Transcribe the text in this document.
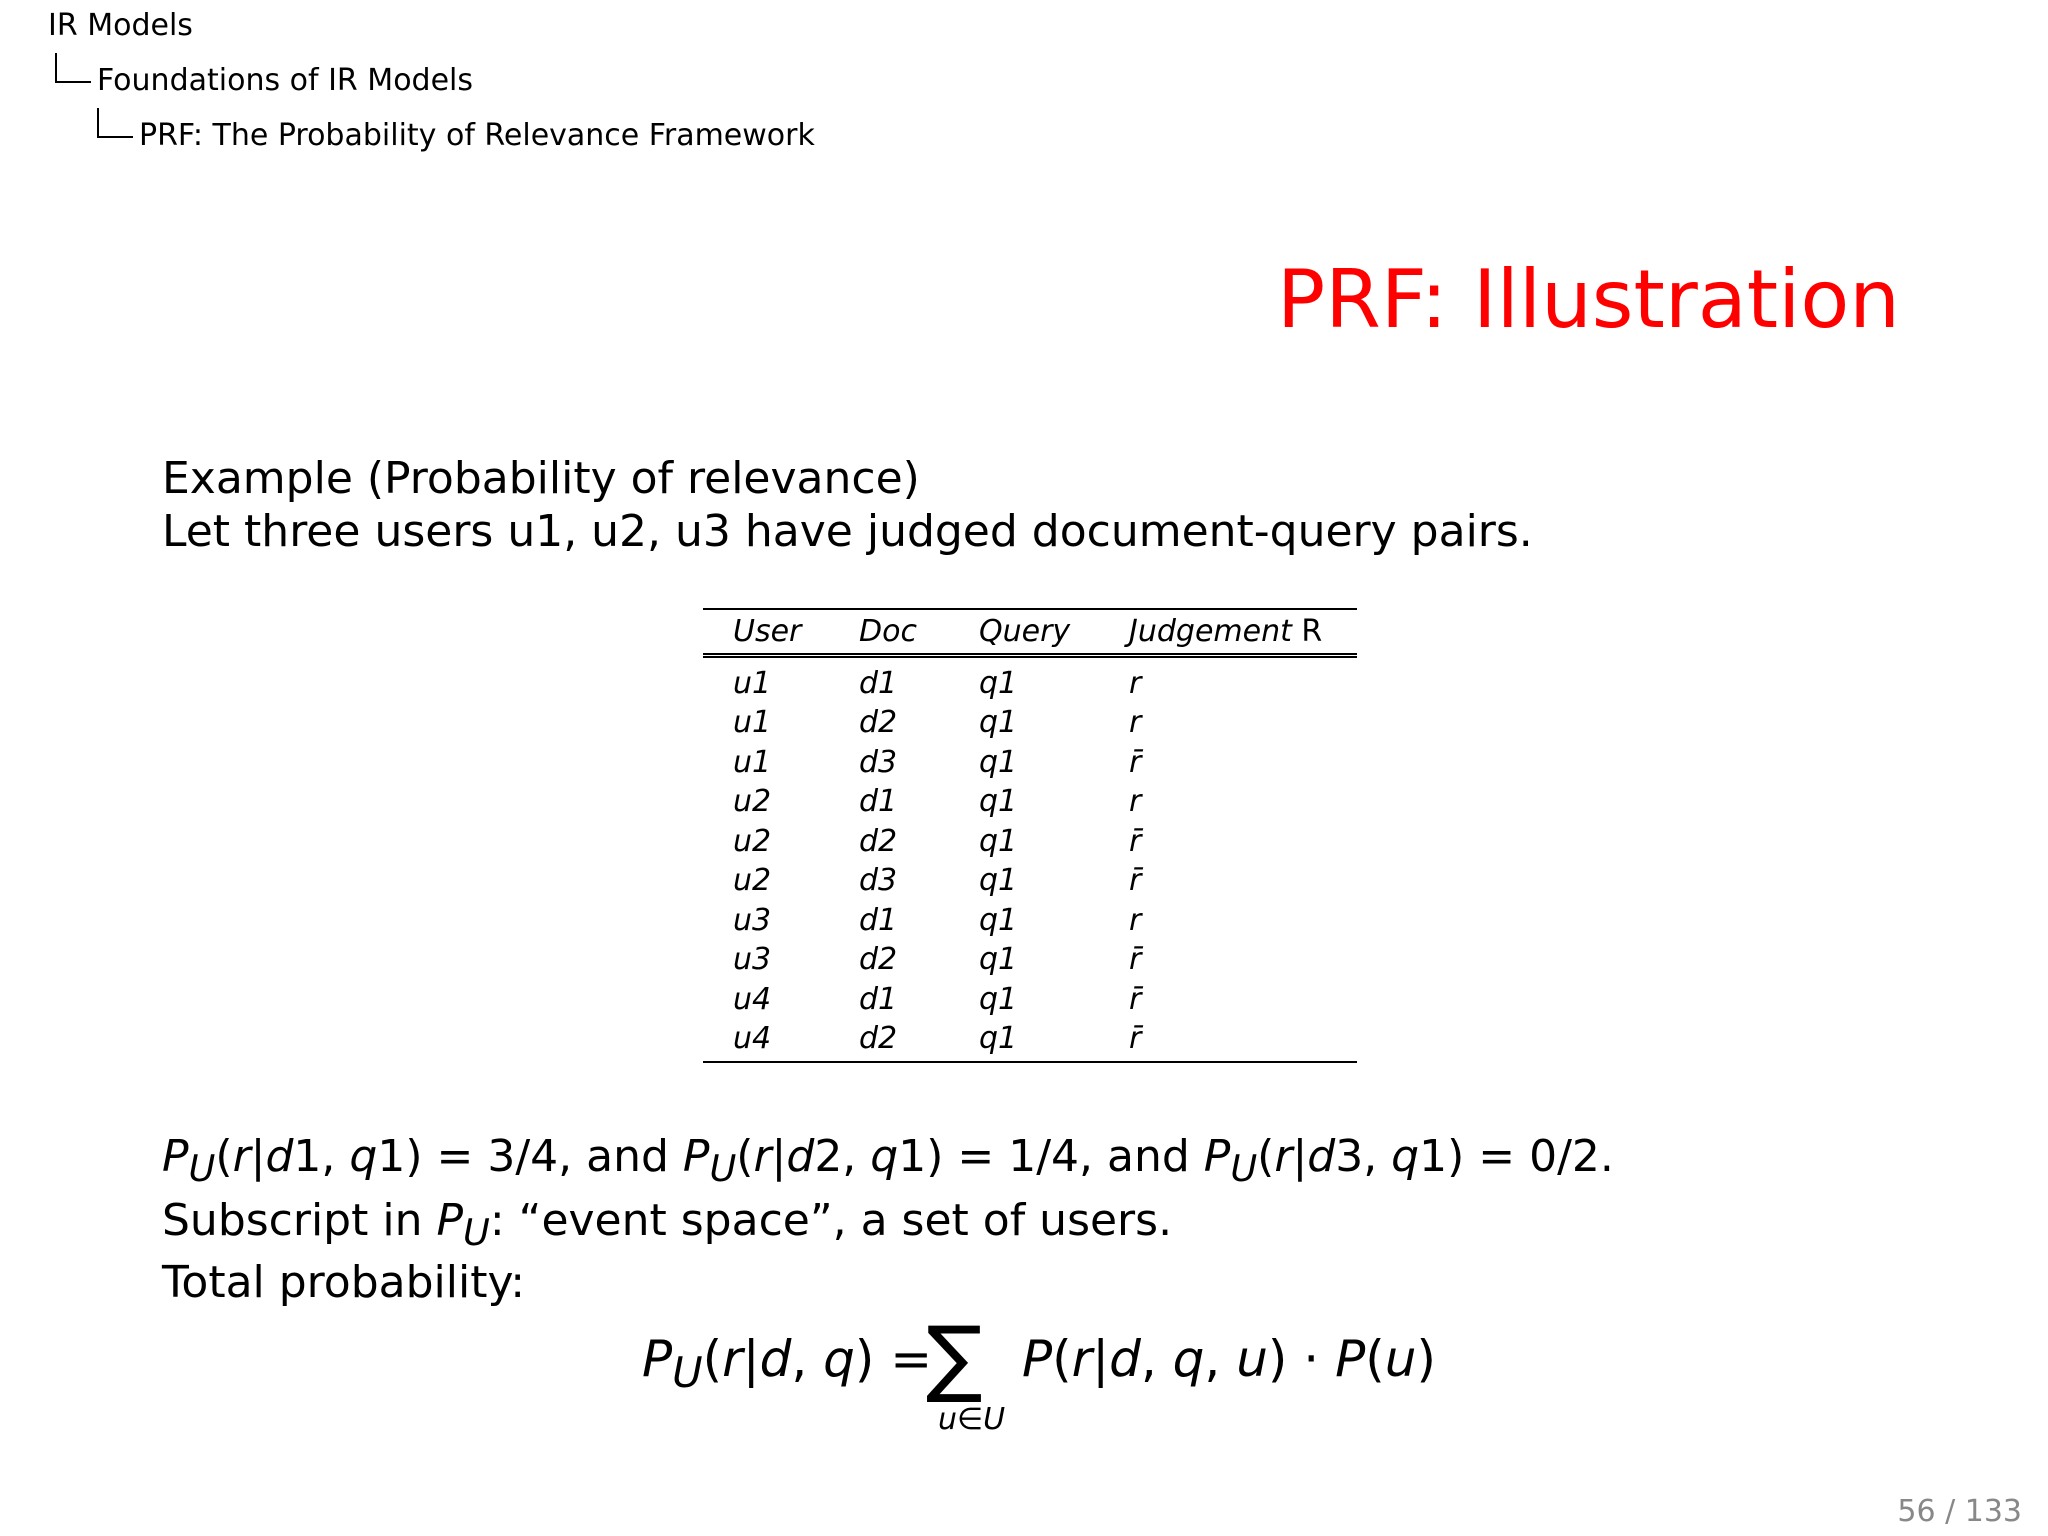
IR Models
Foundations of IR Models
PRF: The Probability of Relevance Framework
PRF: Illustration
Example (Probability of relevance)
Let three users u1, u2, u3 have judged document-query pairs.
User	Doc	Query	Judgement R
u1	d1	q1	r
u1	d2	q1	r
u1	d3	q1	r̄
u2	d1	q1	r
u2	d2	q1	r̄
u2	d3	q1	r̄
u3	d1	q1	r
u3	d2	q1	r̄
u4	d1	q1	r̄
u4	d2	q1	r̄
$P_U(r|d1$, q1) = 3/4, and $P_U(r|d2$, q1) = 1/4, and $P_U(r|d3$, q1) = 0/2.
Subscript in $P_U$: “event space”, a set of users.
Total probability:
$P_U(r|d$, q) =
∑
u∈U
P(r|d, q, u) · P(u)
56 / 133
